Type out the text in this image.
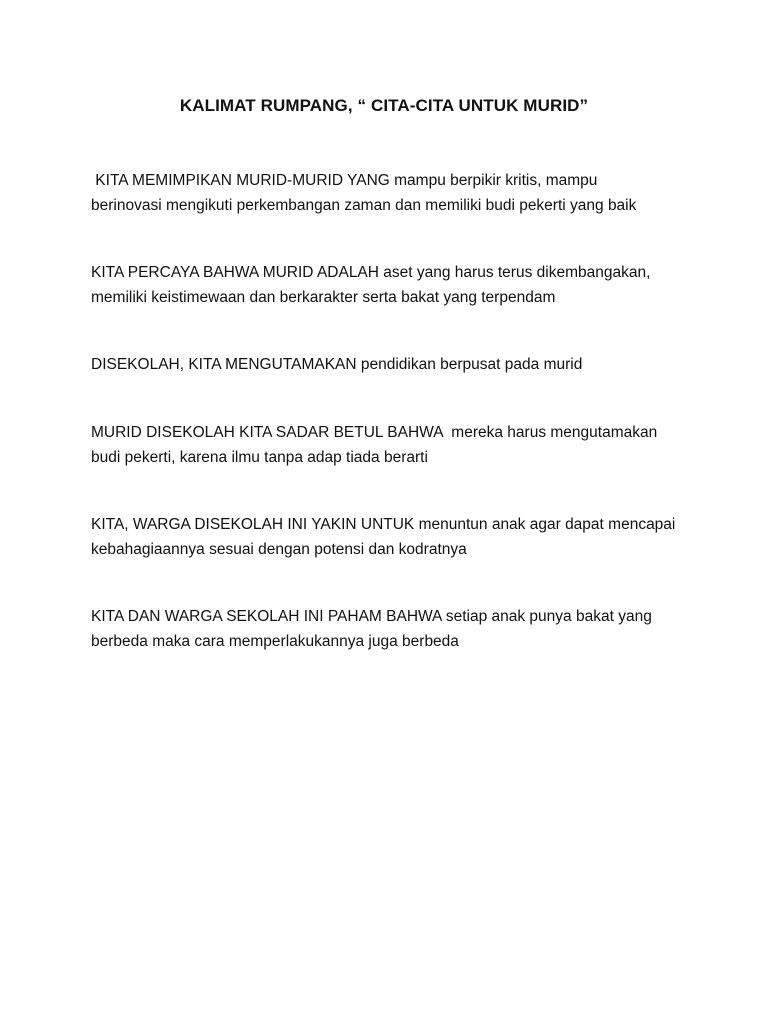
KALIMAT RUMPANG, “ CITA-CITA UNTUK MURID”
KITA MEMIMPIKAN MURID-MURID YANG mampu berpikir kritis, mampu
berinovasi mengikuti perkembangan zaman dan memiliki budi pekerti yang baik
KITA PERCAYA BAHWA MURID ADALAH aset yang harus terus dikembangakan,
memiliki keistimewaan dan berkarakter serta bakat yang terpendam
DISEKOLAH, KITA MENGUTAMAKAN pendidikan berpusat pada murid
MURID DISEKOLAH KITA SADAR BETUL BAHWA  mereka harus mengutamakan
budi pekerti, karena ilmu tanpa adap tiada berarti
KITA, WARGA DISEKOLAH INI YAKIN UNTUK menuntun anak agar dapat mencapai
kebahagiaannya sesuai dengan potensi dan kodratnya
KITA DAN WARGA SEKOLAH INI PAHAM BAHWA setiap anak punya bakat yang
berbeda maka cara memperlakukannya juga berbeda
